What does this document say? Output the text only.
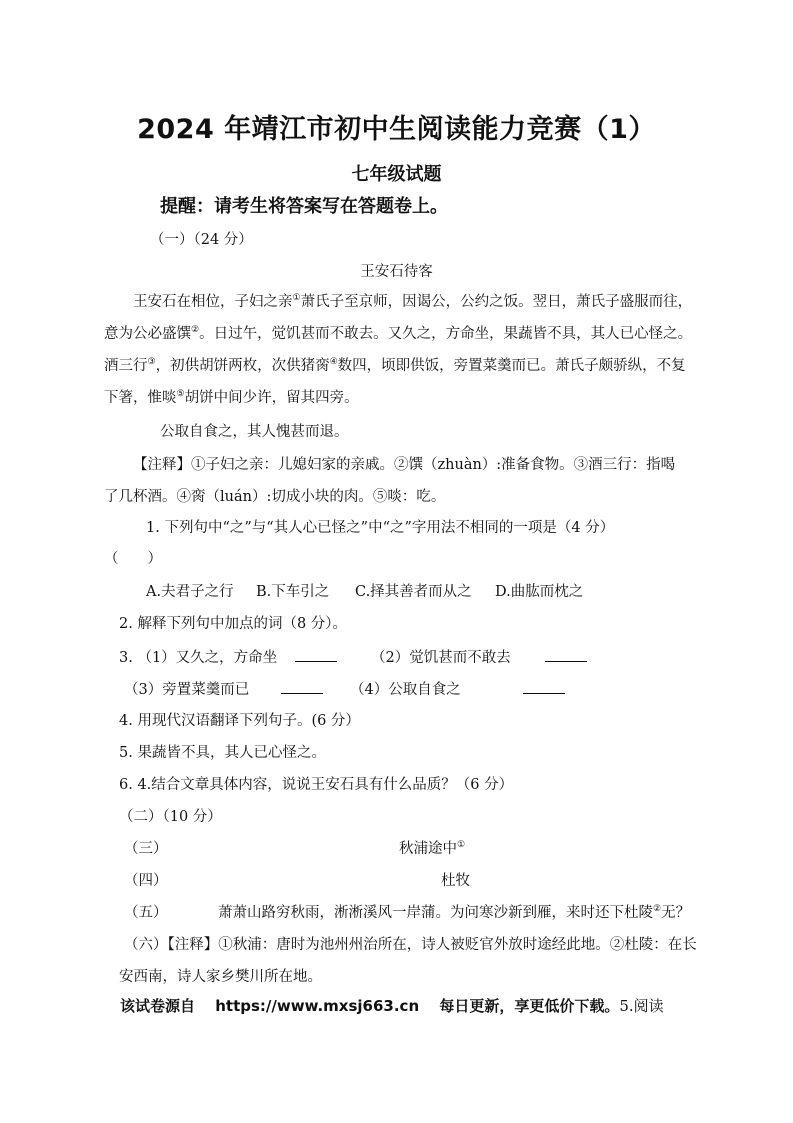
2024 年靖江市初中生阅读能力竞赛（1）
七年级试题
提醒：请考生将答案写在答题卷上。
（一）（24 分）
王安石待客
王安石在相位，子妇之亲①萧氏子至京师，因谒公，公约之饭。翌日，萧氏子盛服而往，
意为公必盛馔②。日过午，觉饥甚而不敢去。又久之，方命坐，果蔬皆不具，其人已心怪之。
酒三行③，初供胡饼两枚，次供猪脔④数四，顷即供饭，旁置菜羹而已。萧氏子颇骄纵，不复
下箸，惟啖⑤胡饼中间少许，留其四旁。
公取自食之，其人愧甚而退。
【注释】①子妇之亲：儿媳妇家的亲戚。②馔（zhuàn）:准备食物。③酒三行：指喝
了几杯酒。④脔（luán）:切成小块的肉。⑤啖：吃。
1. 下列句中“之”与“其人心已怪之”中“之”字用法不相同的一项是（4 分）
（　　）
A.夫君子之行 B.下车引之 C.择其善者而从之 D.曲肱而枕之
2. 解释下列句中加点的词（8 分）。
3. （1）又久之，方命坐	（2）觉饥甚而不敢去
（3）旁置菜羹而已	（4）公取自食之
4. 用现代汉语翻译下列句子。(6 分）
5. 果蔬皆不具，其人已心怪之。
6. 4.结合文章具体内容，说说王安石具有什么品质？（6 分）
（二）（10 分）
（三）	秋浦途中①
（四）	杜牧
（五）	萧萧山路穷秋雨，淅淅溪风一岸蒲。为问寒沙新到雁，来时还下杜陵②无？
（六）【注释】①秋浦：唐时为池州州治所在，诗人被贬官外放时途经此地。②杜陵：在长
安西南，诗人家乡樊川所在地。
该试卷源自　 https://www.mxsj663.cn　 每日更新，享更低价下载。5.阅读
